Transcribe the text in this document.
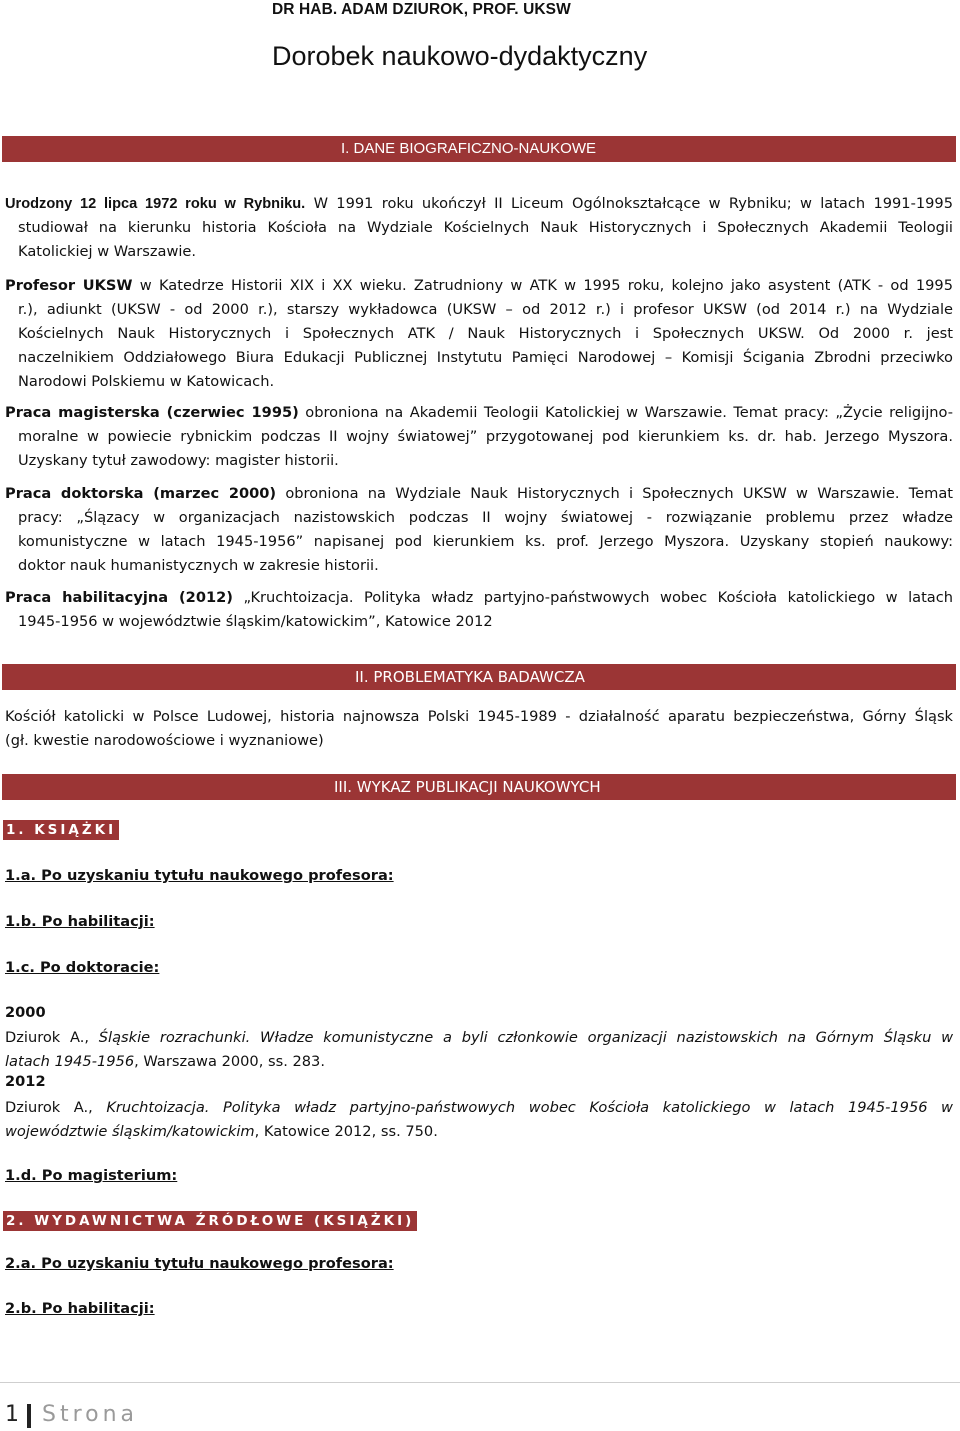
DR HAB. ADAM DZIUROK, PROF. UKSW
Dorobek naukowo-dydaktyczny
I. DANE BIOGRAFICZNO-NAUKOWE
Urodzony 12 lipca 1972 roku w Rybniku. W 1991 roku ukończył II Liceum Ogólnokształcące w Rybniku; w latach 1991-1995
studiował na kierunku historia Kościoła na Wydziale Kościelnych Nauk Historycznych i Społecznych Akademii Teologii
Katolickiej w Warszawie.
Profesor UKSW w Katedrze Historii XIX i XX wieku. Zatrudniony w ATK w 1995 roku, kolejno jako asystent (ATK - od 1995
r.), adiunkt (UKSW - od 2000 r.), starszy wykładowca (UKSW – od 2012 r.) i profesor UKSW (od 2014 r.) na Wydziale
Kościelnych Nauk Historycznych i Społecznych ATK / Nauk Historycznych i Społecznych UKSW. Od 2000 r. jest
naczelnikiem Oddziałowego Biura Edukacji Publicznej Instytutu Pamięci Narodowej – Komisji Ścigania Zbrodni przeciwko
Narodowi Polskiemu w Katowicach.
Praca magisterska (czerwiec 1995) obroniona na Akademii Teologii Katolickiej w Warszawie. Temat pracy: „Życie religijno-
moralne w powiecie rybnickim podczas II wojny światowej” przygotowanej pod kierunkiem ks. dr. hab. Jerzego Myszora.
Uzyskany tytuł zawodowy: magister historii.
Praca doktorska (marzec 2000) obroniona na Wydziale Nauk Historycznych i Społecznych UKSW w Warszawie. Temat
pracy: „Ślązacy w organizacjach nazistowskich podczas II wojny światowej - rozwiązanie problemu przez władze
komunistyczne w latach 1945-1956” napisanej pod kierunkiem ks. prof. Jerzego Myszora. Uzyskany stopień naukowy:
doktor nauk humanistycznych w zakresie historii.
Praca habilitacyjna (2012) „Kruchtoizacja. Polityka władz partyjno-państwowych wobec Kościoła katolickiego w latach
1945-1956 w województwie śląskim/katowickim”, Katowice 2012
II. PROBLEMATYKA BADAWCZA
Kościół katolicki w Polsce Ludowej, historia najnowsza Polski 1945-1989 - działalność aparatu bezpieczeństwa, Górny Śląsk
(gł. kwestie narodowościowe i wyznaniowe)
III. WYKAZ PUBLIKACJI NAUKOWYCH
1. KSIĄŻKI
1.a. Po uzyskaniu tytułu naukowego profesora:
1.b. Po habilitacji:
1.c. Po doktoracie:
2000
Dziurok A., Śląskie rozrachunki. Władze komunistyczne a byli członkowie organizacji nazistowskich na Górnym Śląsku w
latach 1945-1956, Warszawa 2000, ss. 283.
2012
Dziurok A., Kruchtoizacja. Polityka władz partyjno-państwowych wobec Kościoła katolickiego w latach 1945-1956 w
województwie śląskim/katowickim, Katowice 2012, ss. 750.
1.d. Po magisterium:
2. WYDAWNICTWA ŹRÓDŁOWE (KSIĄŻKI)
2.a. Po uzyskaniu tytułu naukowego profesora:
2.b. Po habilitacji:
1 Strona
